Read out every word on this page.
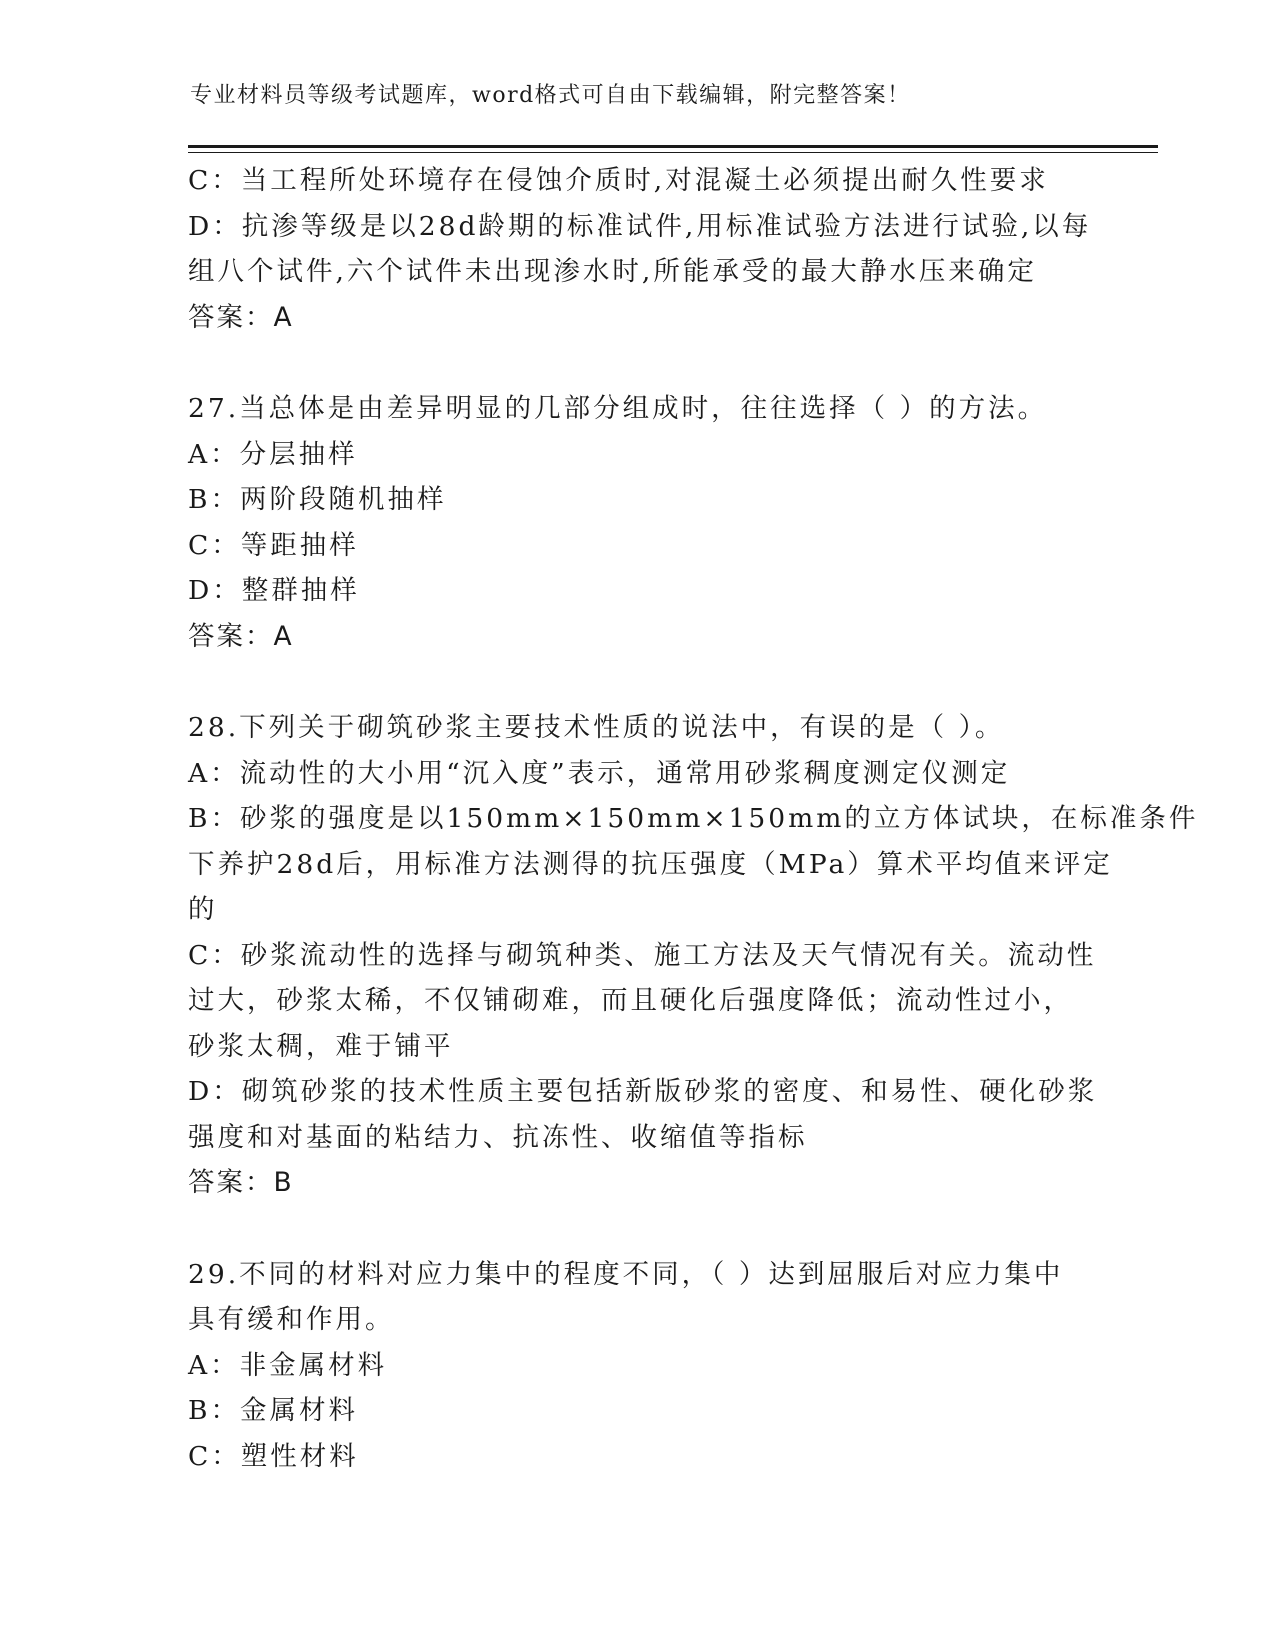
专业材料员等级考试题库，word格式可自由下载编辑，附完整答案！
C：当工程所处环境存在侵蚀介质时,对混凝土必须提出耐久性要求
D：抗渗等级是以28d龄期的标准试件,用标准试验方法进行试验,以每
组八个试件,六个试件未出现渗水时,所能承受的最大静水压来确定
答案：A
27.当总体是由差异明显的几部分组成时，往往选择（ ）的方法。
A：分层抽样
B：两阶段随机抽样
C：等距抽样
D：整群抽样
答案：A
28.下列关于砌筑砂浆主要技术性质的说法中，有误的是（ ）。
A：流动性的大小用“沉入度”表示，通常用砂浆稠度测定仪测定
B：砂浆的强度是以150mm×150mm×150mm的立方体试块，在标准条件
下养护28d后，用标准方法测得的抗压强度（MPa）算术平均值来评定
的
C：砂浆流动性的选择与砌筑种类、施工方法及天气情况有关。流动性
过大，砂浆太稀，不仅铺砌难，而且硬化后强度降低；流动性过小，
砂浆太稠，难于铺平
D：砌筑砂浆的技术性质主要包括新版砂浆的密度、和易性、硬化砂浆
强度和对基面的粘结力、抗冻性、收缩值等指标
答案：B
29.不同的材料对应力集中的程度不同，（ ）达到屈服后对应力集中
具有缓和作用。
A：非金属材料
B：金属材料
C：塑性材料
